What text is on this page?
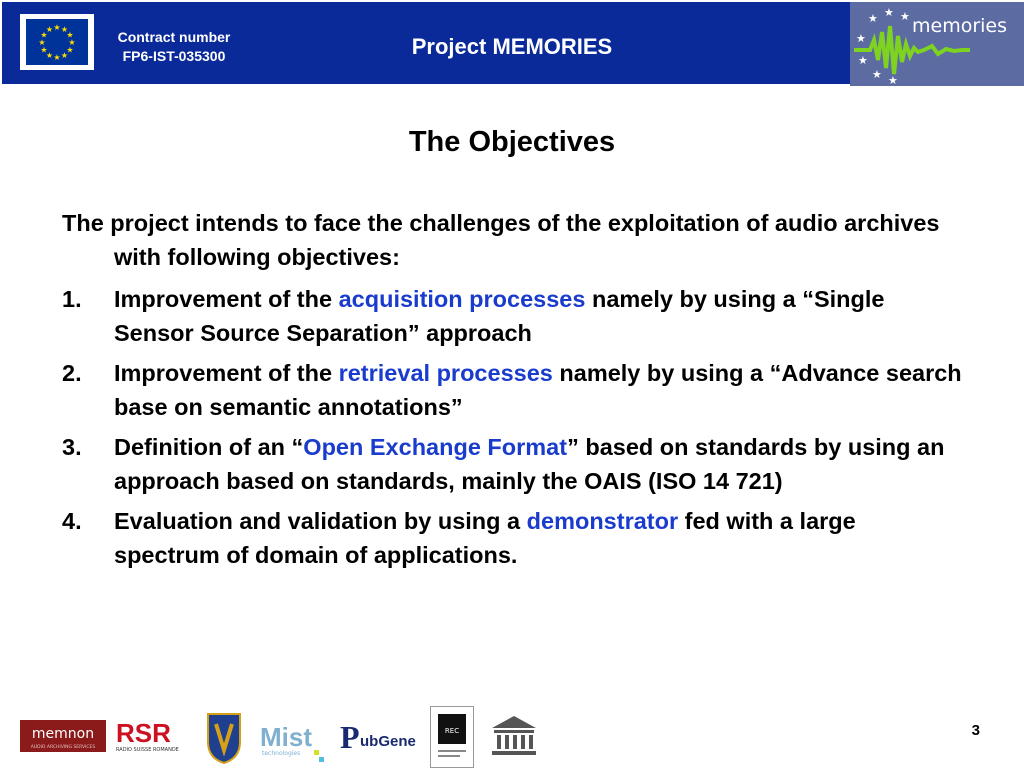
★ ★
★
★
★
★
★
★
★
★
★
★	Contract number
FP6-IST-035300	Project MEMORIES
★ ★ ★
★
★
★ ★
memories
The Objectives
The project intends to face the challenges of the exploitation of audio archives with following objectives:
1. Improvement of the acquisition processes namely by using a “Single Sensor Source Separation” approach
2. Improvement of the retrieval processes namely by using a “Advance search base on semantic annotations”
3. Definition of an “Open Exchange Format” based on standards by using an approach based on standards, mainly the OAIS (ISO 14 721)
4. Evaluation and validation by using a demonstrator fed with a large spectrum of domain of applications.
memnon
AUDIO ARCHIVING SERVICES RSR
RADIO SUISSE ROMANDE	Mist
technologies P ubGene
REC	3
